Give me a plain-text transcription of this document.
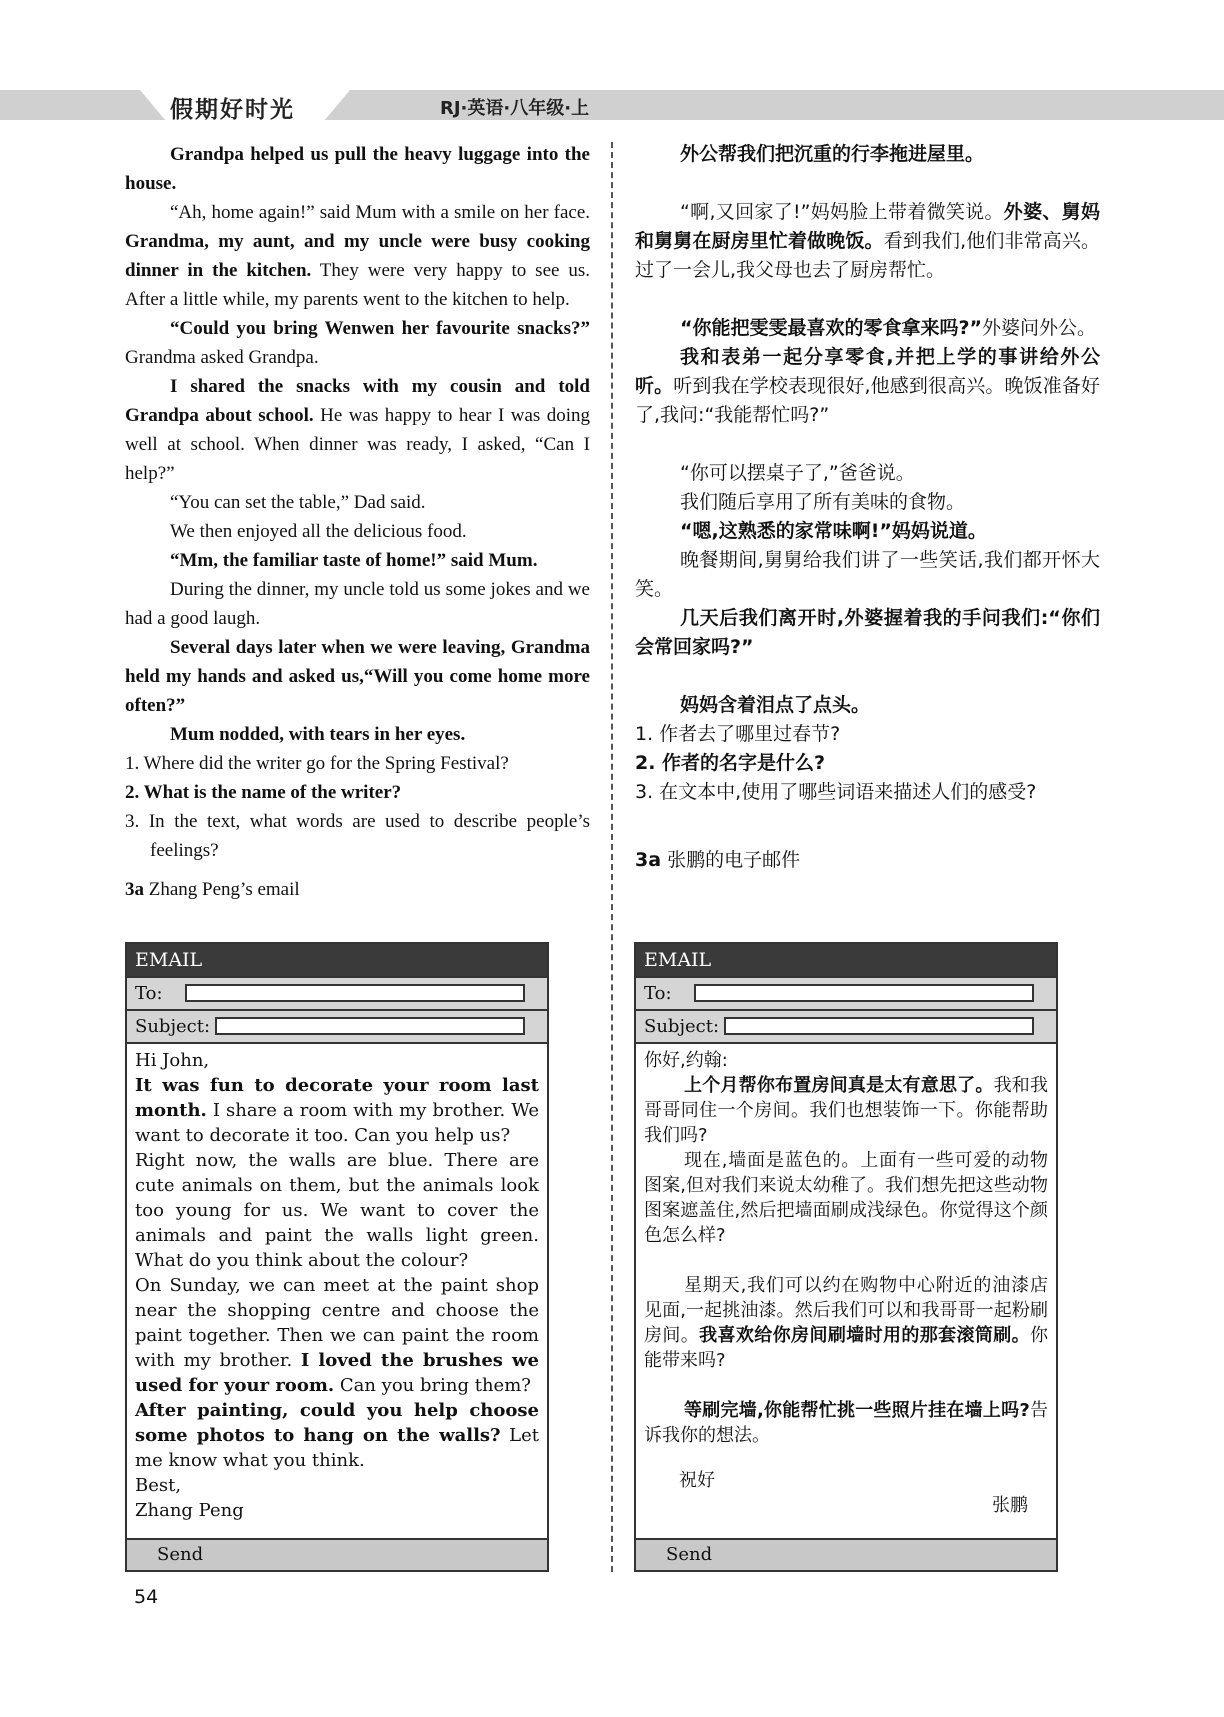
假期好时光	RJ·英语·八年级·上

Grandpa helped us pull the heavy luggage into the house.

“Ah, home again!” said Mum with a smile on her face. Grandma, my aunt, and my uncle were busy cooking dinner in the kitchen. They were very happy to see us. After a little while, my parents went to the kitchen to help.

“Could you bring Wenwen her favourite snacks?” Grandma asked Grandpa.

I shared the snacks with my cousin and told Grandpa about school. He was happy to hear I was doing well at school. When dinner was ready, I asked, “Can I help?”

“You can set the table,” Dad said.

We then enjoyed all the delicious food.

“Mm, the familiar taste of home!” said Mum.

During the dinner, my uncle told us some jokes and we had a good laugh.

Several days later when we were leaving, Grandma held my hands and asked us,“Will you come home more often?”

Mum nodded, with tears in her eyes.

1. Where did the writer go for the Spring Festival?

2. What is the name of the writer?

3. In the text, what words are used to describe people’s feelings?

3a Zhang Peng’s email

外公帮我们把沉重的行李拖进屋里。

“啊,又回家了!”妈妈脸上带着微笑说。外婆、舅妈和舅舅在厨房里忙着做晚饭。看到我们,他们非常高兴。过了一会儿,我父母也去了厨房帮忙。

“你能把雯雯最喜欢的零食拿来吗?”外婆问外公。

我和表弟一起分享零食,并把上学的事讲给外公听。听到我在学校表现很好,他感到很高兴。晚饭准备好了,我问:“我能帮忙吗?”

“你可以摆桌子了,”爸爸说。

我们随后享用了所有美味的食物。

“嗯,这熟悉的家常味啊!”妈妈说道。

晚餐期间,舅舅给我们讲了一些笑话,我们都开怀大笑。

几天后我们离开时,外婆握着我的手问我们:“你们会常回家吗?”

妈妈含着泪点了点头。

1. 作者去了哪里过春节?

2. 作者的名字是什么?

3. 在文本中,使用了哪些词语来描述人们的感受?

3a 张鹏的电子邮件

EMAIL
To:
Subject:

Hi John,

It was fun to decorate your room last month. I share a room with my brother. We want to decorate it too. Can you help us?

Right now, the walls are blue. There are cute animals on them, but the animals look too young for us. We want to cover the animals and paint the walls light green. What do you think about the colour?

On Sunday, we can meet at the paint shop near the shopping centre and choose the paint together. Then we can paint the room with my brother. I loved the brushes we used for your room. Can you bring them?

After painting, could you help choose some photos to hang on the walls? Let me know what you think.

Best,

Zhang Peng

Send
EMAIL
To:
Subject:

你好,约翰:

上个月帮你布置房间真是太有意思了。我和我哥哥同住一个房间。我们也想装饰一下。你能帮助我们吗?

现在,墙面是蓝色的。上面有一些可爱的动物图案,但对我们来说太幼稚了。我们想先把这些动物图案遮盖住,然后把墙面刷成浅绿色。你觉得这个颜色怎么样?

星期天,我们可以约在购物中心附近的油漆店见面,一起挑油漆。然后我们可以和我哥哥一起粉刷房间。我喜欢给你房间刷墙时用的那套滚筒刷。你能带来吗?

等刷完墙,你能帮忙挑一些照片挂在墙上吗?告诉我你的想法。

祝好

张鹏

Send
54
